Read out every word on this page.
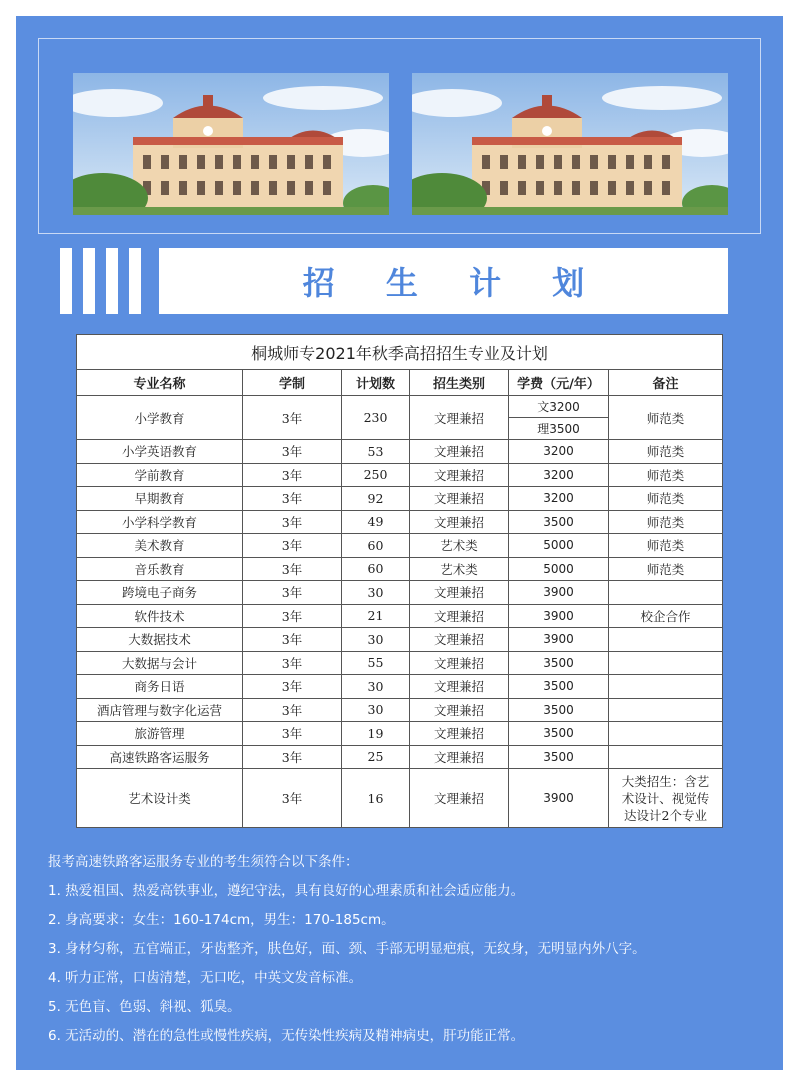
招 生 计 划
桐城师专2021年秋季高招招生专业及计划					
专业名称	学制	计划数	招生类别	学费（元/年）	备注
小学教育	3年	230	文理兼招	文3200	师范类
				理3500	
小学英语教育	3年	53	文理兼招	3200	师范类
学前教育	3年	250	文理兼招	3200	师范类
早期教育	3年	92	文理兼招	3200	师范类
小学科学教育	3年	49	文理兼招	3500	师范类
美术教育	3年	60	艺术类	5000	师范类
音乐教育	3年	60	艺术类	5000	师范类
跨境电子商务	3年	30	文理兼招	3900	
软件技术	3年	21	文理兼招	3900	校企合作
大数据技术	3年	30	文理兼招	3900	
大数据与会计	3年	55	文理兼招	3500	
商务日语	3年	30	文理兼招	3500	
酒店管理与数字化运营	3年	30	文理兼招	3500	
旅游管理	3年	19	文理兼招	3500	
高速铁路客运服务	3年	25	文理兼招	3500	
艺术设计类	3年	16	文理兼招	3900	大类招生：含艺
术设计、视觉传
达设计2个专业
报考高速铁路客运服务专业的考生须符合以下条件：
1. 热爱祖国、热爱高铁事业，遵纪守法，具有良好的心理素质和社会适应能力。
2. 身高要求：女生：160-174cm，男生：170-185cm。
3. 身材匀称，五官端正，牙齿整齐，肤色好，面、颈、手部无明显疤痕，无纹身，无明显内外八字。
4. 听力正常，口齿清楚，无口吃，中英文发音标准。
5. 无色盲、色弱、斜视、狐臭。
6. 无活动的、潜在的急性或慢性疾病，无传染性疾病及精神病史，肝功能正常。
